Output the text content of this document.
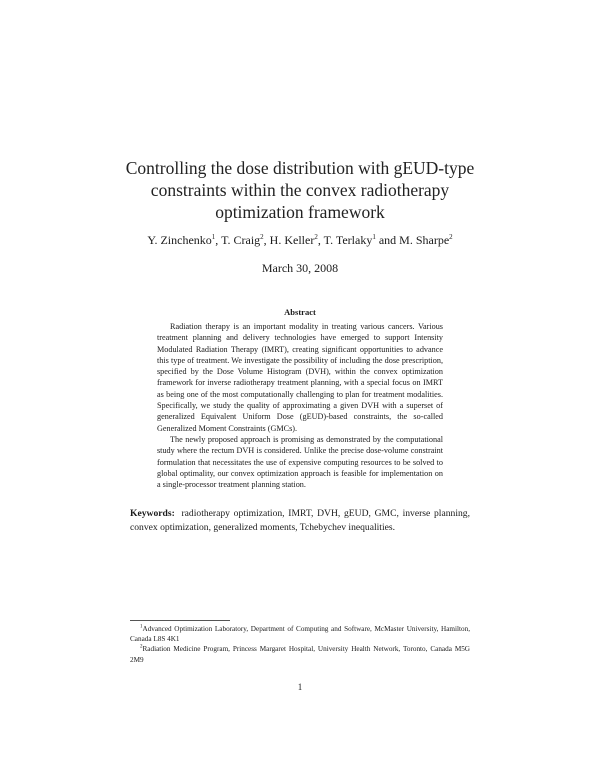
Controlling the dose distribution with gEUD-type
constraints within the convex radiotherapy
optimization framework
Y. Zinchenko$^1$, T. Craig$^2$, H. Keller$^2$, T. Terlaky$^1$ and M. Sharpe$^2$
March 30, 2008
Abstract

Radiation therapy is an important modality in treating various cancers. Various treatment planning and delivery technologies have emerged to support Intensity Modulated Radiation Therapy (IMRT), creating significant opportunities to advance this type of treatment. We investigate the possibility of including the dose prescription, specified by the Dose Volume Histogram (DVH), within the convex optimization framework for inverse radiotherapy treatment planning, with a special focus on IMRT as being one of the most computationally challenging to plan for treatment modalities. Specifically, we study the quality of approximating a given DVH with a superset of generalized Equivalent Uniform Dose (gEUD)-based constraints, the so-called Generalized Moment Constraints (GMCs).

The newly proposed approach is promising as demonstrated by the computational study where the rectum DVH is considered. Unlike the precise dose-volume constraint formulation that necessitates the use of expensive computing resources to be solved to global optimality, our convex optimization approach is feasible for implementation on a single-processor treatment planning station.

Keywords: radiotherapy optimization, IMRT, DVH, gEUD, GMC, inverse planning, convex optimization, generalized moments, Tchebychev inequalities.

$^1$Advanced Optimization Laboratory, Department of Computing and Software, McMaster University, Hamilton, Canada L8S 4K1

$^2$Radiation Medicine Program, Princess Margaret Hospital, University Health Network, Toronto, Canada M5G 2M9

1
